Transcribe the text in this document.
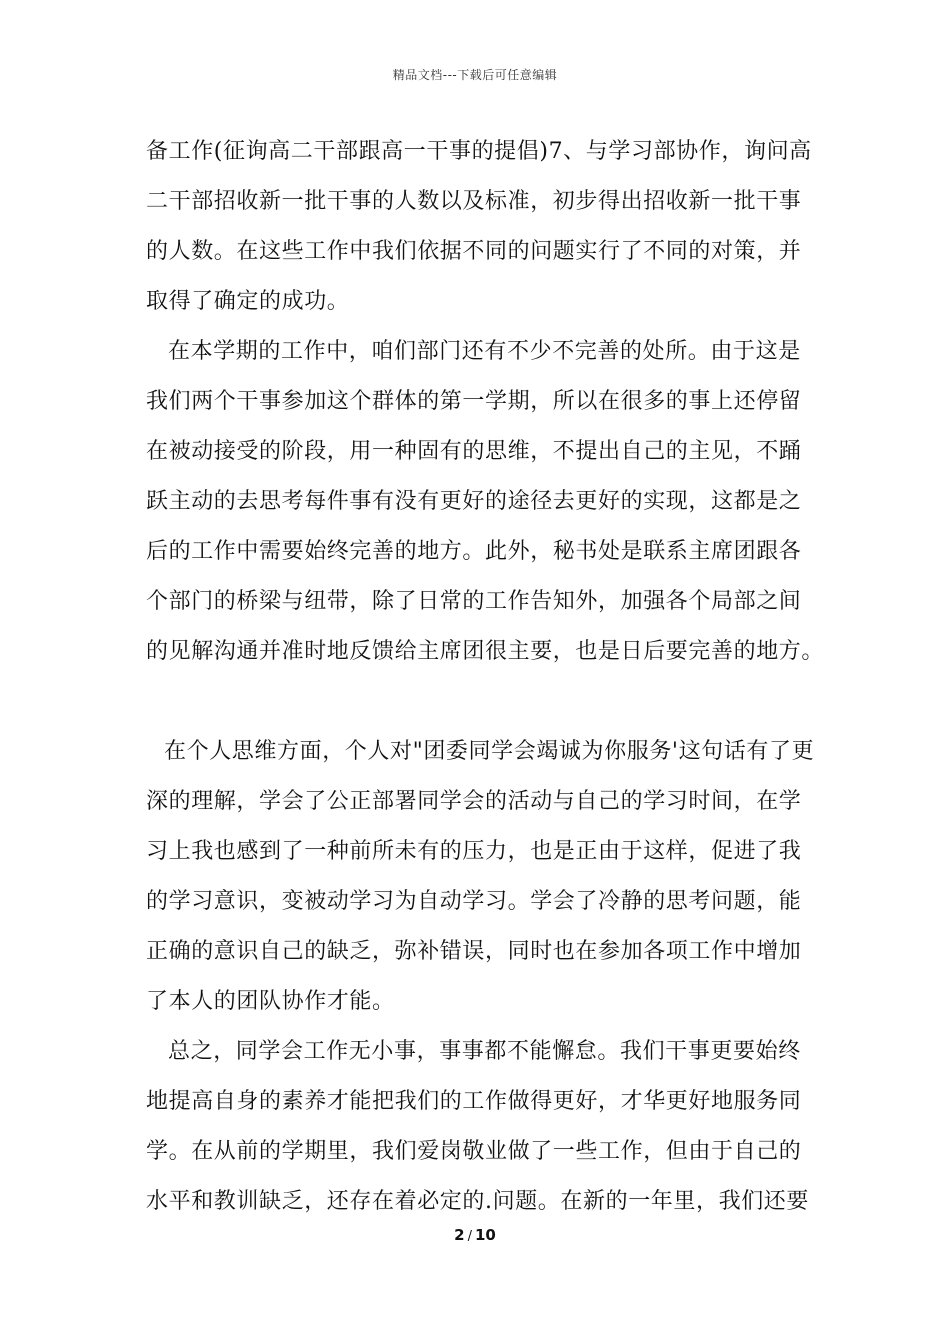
精品文档---下载后可任意编辑
备工作(征询高二干部跟高一干事的提倡)7、与学习部协作，询问高
二干部招收新一批干事的人数以及标准，初步得出招收新一批干事
的人数。在这些工作中我们依据不同的问题实行了不同的对策，并
取得了确定的成功。
在本学期的工作中，咱们部门还有不少不完善的处所。由于这是
我们两个干事参加这个群体的第一学期，所以在很多的事上还停留
在被动接受的阶段，用一种固有的思维，不提出自己的主见，不踊
跃主动的去思考每件事有没有更好的途径去更好的实现，这都是之
后的工作中需要始终完善的地方。此外，秘书处是联系主席团跟各
个部门的桥梁与纽带，除了日常的工作告知外，加强各个局部之间
的见解沟通并准时地反馈给主席团很主要，也是日后要完善的地方。
在个人思维方面，个人对"团委同学会竭诚为你服务'这句话有了更
深的理解，学会了公正部署同学会的活动与自己的学习时间，在学
习上我也感到了一种前所未有的压力，也是正由于这样，促进了我
的学习意识，变被动学习为自动学习。学会了冷静的思考问题，能
正确的意识自己的缺乏，弥补错误，同时也在参加各项工作中增加
了本人的团队协作才能。
总之，同学会工作无小事，事事都不能懈怠。我们干事更要始终
地提高自身的素养才能把我们的工作做得更好，才华更好地服务同
学。在从前的学期里，我们爱岗敬业做了一些工作，但由于自己的
水平和教训缺乏，还存在着必定的.问题。在新的一年里，我们还要
2 / 10
